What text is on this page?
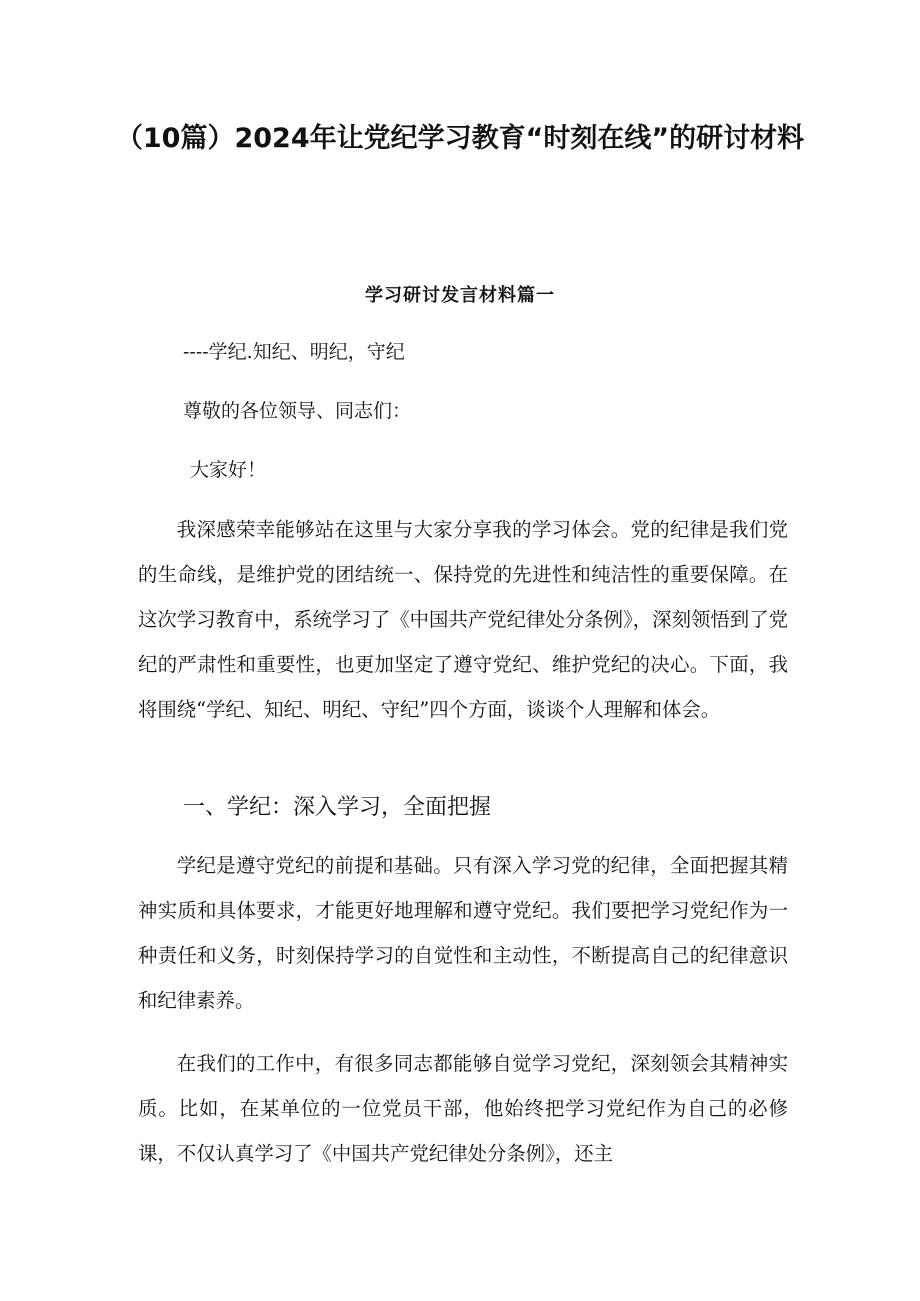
（10篇）2024年让党纪学习教育“时刻在线”的研讨材料
学习研讨发言材料篇一
----学纪.知纪、明纪，守纪
尊敬的各位领导、同志们：
大家好！

我深感荣幸能够站在这里与大家分享我的学习体会。党的纪律是我们党的生命线，是维护党的团结统一、保持党的先进性和纯洁性的重要保障。在这次学习教育中，系统学习了《中国共产党纪律处分条例》，深刻领悟到了党纪的严肃性和重要性，也更加坚定了遵守党纪、维护党纪的决心。下面，我将围绕“学纪、知纪、明纪、守纪”四个方面，谈谈个人理解和体会。

一、学纪：深入学习，全面把握

学纪是遵守党纪的前提和基础。只有深入学习党的纪律，全面把握其精神实质和具体要求，才能更好地理解和遵守党纪。我们要把学习党纪作为一种责任和义务，时刻保持学习的自觉性和主动性，不断提高自己的纪律意识和纪律素养。

在我们的工作中，有很多同志都能够自觉学习党纪，深刻领会其精神实质。比如，在某单位的一位党员干部，他始终把学习党纪作为自己的必修课，不仅认真学习了《中国共产党纪律处分条例》，还主
